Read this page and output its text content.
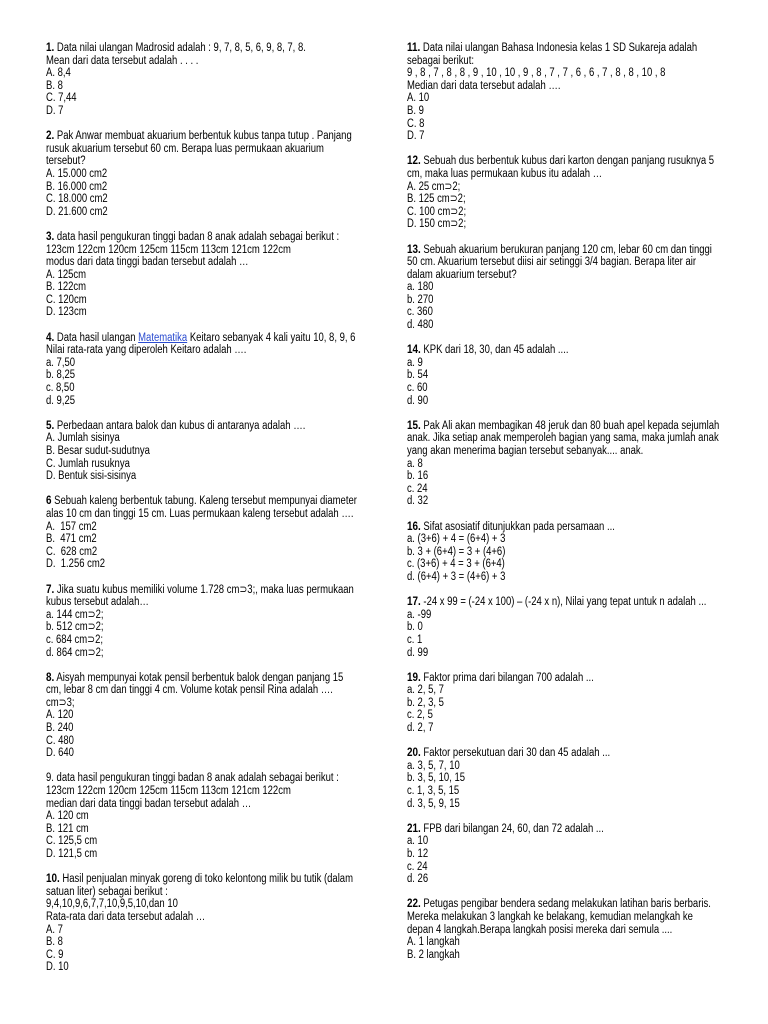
1. Data nilai ulangan Madrosid adalah : 9, 7, 8, 5, 6, 9, 8, 7, 8.
Mean dari data tersebut adalah . . . .
A. 8,4
B. 8
C. 7,44
D. 7
2. Pak Anwar membuat akuarium berbentuk kubus tanpa tutup . Panjang
rusuk akuarium tersebut 60 cm. Berapa luas permukaan akuarium
tersebut?
A. 15.000 cm2
B. 16.000 cm2
C. 18.000 cm2
D. 21.600 cm2
3. data hasil pengukuran tinggi badan 8 anak adalah sebagai berikut :
123cm 122cm 120cm 125cm 115cm 113cm 121cm 122cm
modus dari data tinggi badan tersebut adalah …
A. 125cm
B. 122cm
C. 120cm
D. 123cm
4. Data hasil ulangan Matematika Keitaro sebanyak 4 kali yaitu 10, 8, 9, 6
Nilai rata-rata yang diperoleh Keitaro adalah ….
a. 7,50
b. 8,25
c. 8,50
d. 9,25
5. Perbedaan antara balok dan kubus di antaranya adalah ….
A. Jumlah sisinya
B. Besar sudut-sudutnya
C. Jumlah rusuknya
D. Bentuk sisi-sisinya
6 Sebuah kaleng berbentuk tabung. Kaleng tersebut mempunyai diameter
alas 10 cm dan tinggi 15 cm. Luas permukaan kaleng tersebut adalah ….
A.  157 cm2
B.  471 cm2
C.  628 cm2
D.  1.256 cm2
7. Jika suatu kubus memiliki volume 1.728 cm⊃3;, maka luas permukaan
kubus tersebut adalah…
a. 144 cm⊃2;
b. 512 cm⊃2;
c. 684 cm⊃2;
d. 864 cm⊃2;
8. Aisyah mempunyai kotak pensil berbentuk balok dengan panjang 15
cm, lebar 8 cm dan tinggi 4 cm. Volume kotak pensil Rina adalah ….
cm⊃3;
A. 120
B. 240
C. 480
D. 640
9. data hasil pengukuran tinggi badan 8 anak adalah sebagai berikut :
123cm 122cm 120cm 125cm 115cm 113cm 121cm 122cm
median dari data tinggi badan tersebut adalah …
A. 120 cm
B. 121 cm
C. 125,5 cm
D. 121,5 cm
10. Hasil penjualan minyak goreng di toko kelontong milik bu tutik (dalam
satuan liter) sebagai berikut :
9,4,10,9,6,7,7,10,9,5,10,dan 10
Rata-rata dari data tersebut adalah …
A. 7
B. 8
C. 9
D. 10
11. Data nilai ulangan Bahasa Indonesia kelas 1 SD Sukareja adalah
sebagai berikut:
9 , 8 , 7 , 8 , 8 , 9 , 10 , 10 , 9 , 8 , 7 , 7 , 6 , 6 , 7 , 8 , 8 , 10 , 8
Median dari data tersebut adalah ….
A. 10
B. 9
C. 8
D. 7
12. Sebuah dus berbentuk kubus dari karton dengan panjang rusuknya 5
cm, maka luas permukaan kubus itu adalah …
A. 25 cm⊃2;
B. 125 cm⊃2;
C. 100 cm⊃2;
D. 150 cm⊃2;
13. Sebuah akuarium berukuran panjang 120 cm, lebar 60 cm dan tinggi
50 cm. Akuarium tersebut diisi air setinggi 3/4 bagian. Berapa liter air
dalam akuarium tersebut?
a. 180
b. 270
c. 360
d. 480
14. KPK dari 18, 30, dan 45 adalah ....
a. 9
b. 54
c. 60
d. 90
15. Pak Ali akan membagikan 48 jeruk dan 80 buah apel kepada sejumlah
anak. Jika setiap anak memperoleh bagian yang sama, maka jumlah anak
yang akan menerima bagian tersebut sebanyak.... anak.
a. 8
b. 16
c. 24
d. 32
16. Sifat asosiatif ditunjukkan pada persamaan ...
a. (3+6) + 4 = (6+4) + 3
b. 3 + (6+4) = 3 + (4+6)
c. (3+6) + 4 = 3 + (6+4)
d. (6+4) + 3 = (4+6) + 3
17. -24 x 99 = (-24 x 100) – (-24 x n), Nilai yang tepat untuk n adalah ...
a. -99
b. 0
c. 1
d. 99
19. Faktor prima dari bilangan 700 adalah ...
a. 2, 5, 7
b. 2, 3, 5
c. 2, 5
d. 2, 7
20. Faktor persekutuan dari 30 dan 45 adalah ...
a. 3, 5, 7, 10
b. 3, 5, 10, 15
c. 1, 3, 5, 15
d. 3, 5, 9, 15
21. FPB dari bilangan 24, 60, dan 72 adalah ...
a. 10
b. 12
c. 24
d. 26
22. Petugas pengibar bendera sedang melakukan latihan baris berbaris.
Mereka melakukan 3 langkah ke belakang, kemudian melangkah ke
depan 4 langkah.Berapa langkah posisi mereka dari semula ....
A. 1 langkah
B. 2 langkah
